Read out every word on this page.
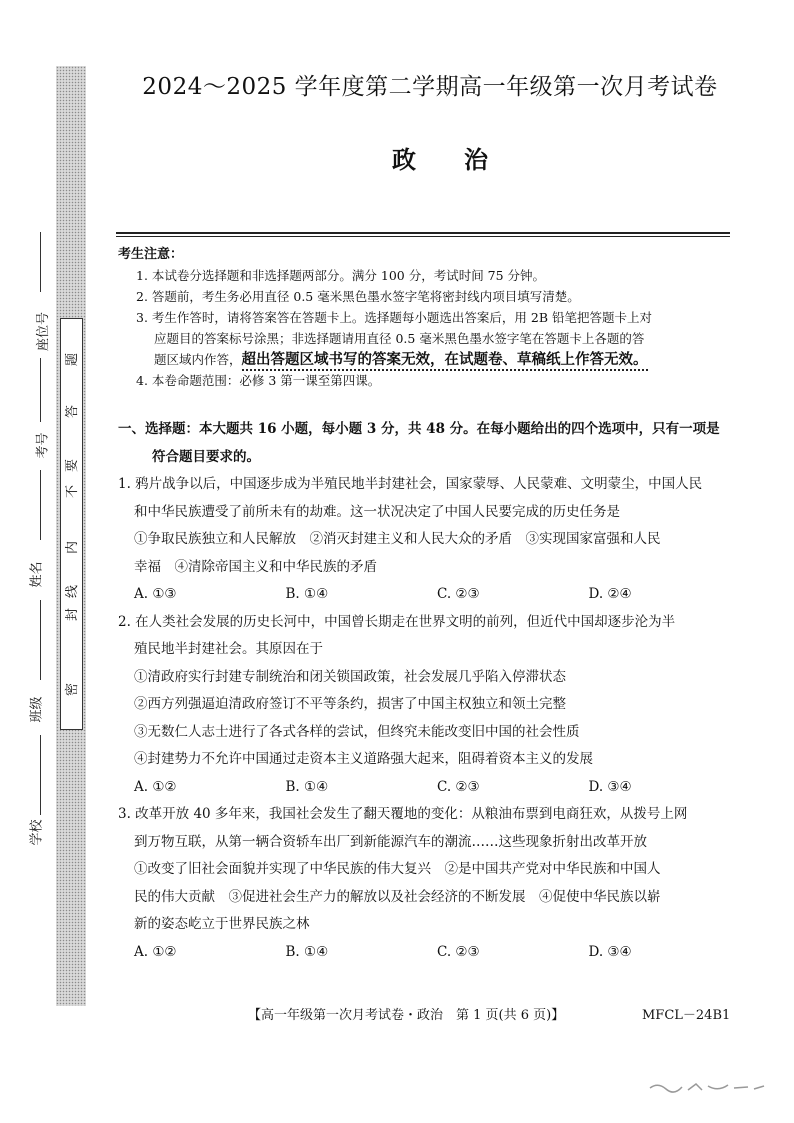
题
答
要
不
内
线
封
密
座位号
考号
姓名
班级
学校
2024～2025 学年度第二学期高一年级第一次月考试卷
政 治
考生注意：

1. 本试卷分选择题和非选择题两部分。满分 100 分，考试时间 75 分钟。

2. 答题前，考生务必用直径 0.5 毫米黑色墨水签字笔将密封线内项目填写清楚。

3. 考生作答时，请将答案答在答题卡上。选择题每小题选出答案后，用 2B 铅笔把答题卡上对

应题目的答案标号涂黑；非选择题请用直径 0.5 毫米黑色墨水签字笔在答题卡上各题的答

题区域内作答，超出答题区域书写的答案无效，在试题卷、草稿纸上作答无效。

4. 本卷命题范围：必修 3 第一课至第四课。

一、选择题：本大题共 16 小题，每小题 3 分，共 48 分。在每小题给出的四个选项中，只有一项是

符合题目要求的。

1. 鸦片战争以后，中国逐步成为半殖民地半封建社会，国家蒙辱、人民蒙难、文明蒙尘，中国人民

和中华民族遭受了前所未有的劫难。这一状况决定了中国人民要完成的历史任务是

①争取民族独立和人民解放　②消灭封建主义和人民大众的矛盾　③实现国家富强和人民

幸福　④清除帝国主义和中华民族的矛盾

A. ①③	B. ①④	C. ②③	D. ②④

2. 在人类社会发展的历史长河中，中国曾长期走在世界文明的前列，但近代中国却逐步沦为半

殖民地半封建社会。其原因在于

①清政府实行封建专制统治和闭关锁国政策，社会发展几乎陷入停滞状态

②西方列强逼迫清政府签订不平等条约，损害了中国主权独立和领土完整

③无数仁人志士进行了各式各样的尝试，但终究未能改变旧中国的社会性质

④封建势力不允许中国通过走资本主义道路强大起来，阻碍着资本主义的发展

A. ①②	B. ①④	C. ②③	D. ③④

3. 改革开放 40 多年来，我国社会发生了翻天覆地的变化：从粮油布票到电商狂欢，从拨号上网

到万物互联，从第一辆合资轿车出厂到新能源汽车的潮流……这些现象折射出改革开放

①改变了旧社会面貌并实现了中华民族的伟大复兴　②是中国共产党对中华民族和中国人

民的伟大贡献　③促进社会生产力的解放以及社会经济的不断发展　④促使中华民族以崭

新的姿态屹立于世界民族之林

A. ①②	B. ①④	C. ②③	D. ③④
【高一年级第一次月考试卷・政治　第 1 页(共 6 页)】	MFCL－24B1
